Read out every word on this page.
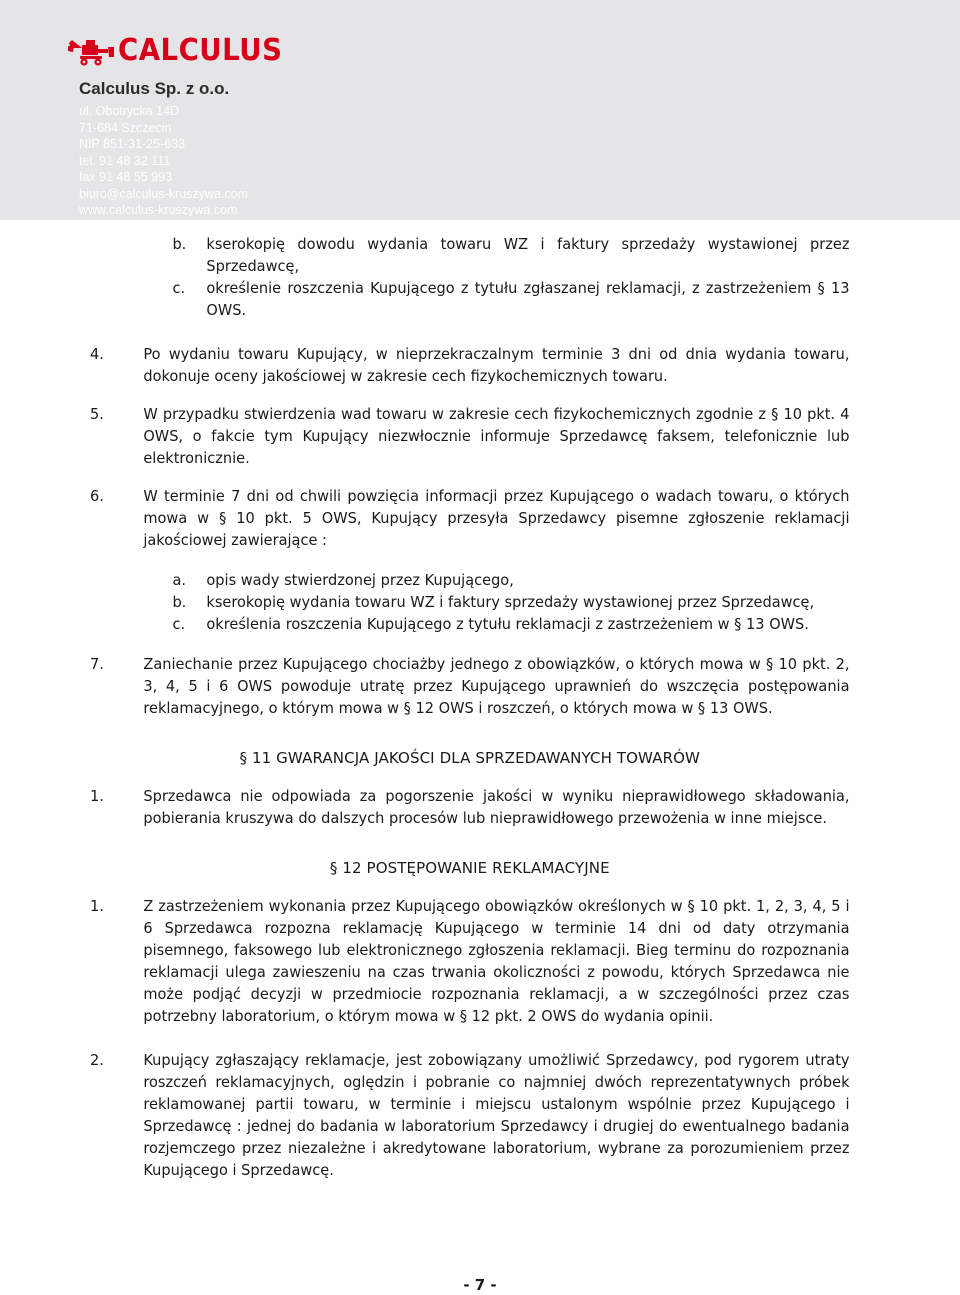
CALCULUS
Calculus Sp. z o.o.
ul. Obotrycka 14D
71-684 Szczecin
NIP 851-31-25-633
tel. 91 48 32 111
fax 91 48 55 993
biuro@calculus-kruszywa.com
www.calculus-kruszywa.com
b. kserokopię dowodu wydania towaru WZ i faktury sprzedaży wystawionej przez Sprzedawcę,
c. określenie roszczenia Kupującego z tytułu zgłaszanej reklamacji, z zastrzeżeniem § 13 OWS.
4.	Po wydaniu towaru Kupujący, w nieprzekraczalnym terminie 3 dni od dnia wydania towaru, dokonuje oceny jakościowej w zakresie cech fizykochemicznych towaru.
5.	W przypadku stwierdzenia wad towaru w zakresie cech fizykochemicznych zgodnie z § 10 pkt. 4 OWS, o fakcie tym Kupujący niezwłocznie informuje Sprzedawcę faksem, telefonicznie lub elektronicznie.
6.	W terminie 7 dni od chwili powzięcia informacji przez Kupującego o wadach towaru, o których mowa w § 10 pkt. 5 OWS, Kupujący przesyła Sprzedawcy pisemne zgłoszenie reklamacji jakościowej zawierające :
a. opis wady stwierdzonej przez Kupującego,
b. kserokopię wydania towaru WZ i faktury sprzedaży wystawionej przez Sprzedawcę,
c. określenia roszczenia Kupującego z tytułu reklamacji z zastrzeżeniem w § 13 OWS.
7.	Zaniechanie przez Kupującego chociażby jednego z obowiązków, o których mowa w § 10 pkt. 2, 3, 4, 5 i 6 OWS powoduje utratę przez Kupującego uprawnień do wszczęcia postępowania reklamacyjnego, o którym mowa w § 12 OWS i roszczeń, o których mowa w § 13 OWS.
§ 11 GWARANCJA JAKOŚCI DLA SPRZEDAWANYCH TOWARÓW
1.	Sprzedawca nie odpowiada za pogorszenie jakości w wyniku nieprawidłowego składowania, pobierania kruszywa do dalszych procesów lub nieprawidłowego przewożenia w inne miejsce.
§ 12 POSTĘPOWANIE REKLAMACYJNE
1.	Z zastrzeżeniem wykonania przez Kupującego obowiązków określonych w § 10 pkt. 1, 2, 3, 4, 5 i 6 Sprzedawca rozpozna reklamację Kupującego w terminie 14 dni od daty otrzymania pisemnego, faksowego lub elektronicznego zgłoszenia reklamacji. Bieg terminu do rozpoznania reklamacji ulega zawieszeniu na czas trwania okoliczności z powodu, których Sprzedawca nie może podjąć decyzji w przedmiocie rozpoznania reklamacji, a w szczególności przez czas potrzebny laboratorium, o którym mowa w § 12 pkt. 2 OWS do wydania opinii.
2.	Kupujący zgłaszający reklamacje, jest zobowiązany umożliwić Sprzedawcy, pod rygorem utraty roszczeń reklamacyjnych, oględzin i pobranie co najmniej dwóch reprezentatywnych próbek reklamowanej partii towaru, w terminie i miejscu ustalonym wspólnie przez Kupującego i Sprzedawcę : jednej do badania w laboratorium Sprzedawcy i drugiej do ewentualnego badania rozjemczego przez niezależne i akredytowane laboratorium, wybrane za porozumieniem przez Kupującego i Sprzedawcę.
- 7 -
